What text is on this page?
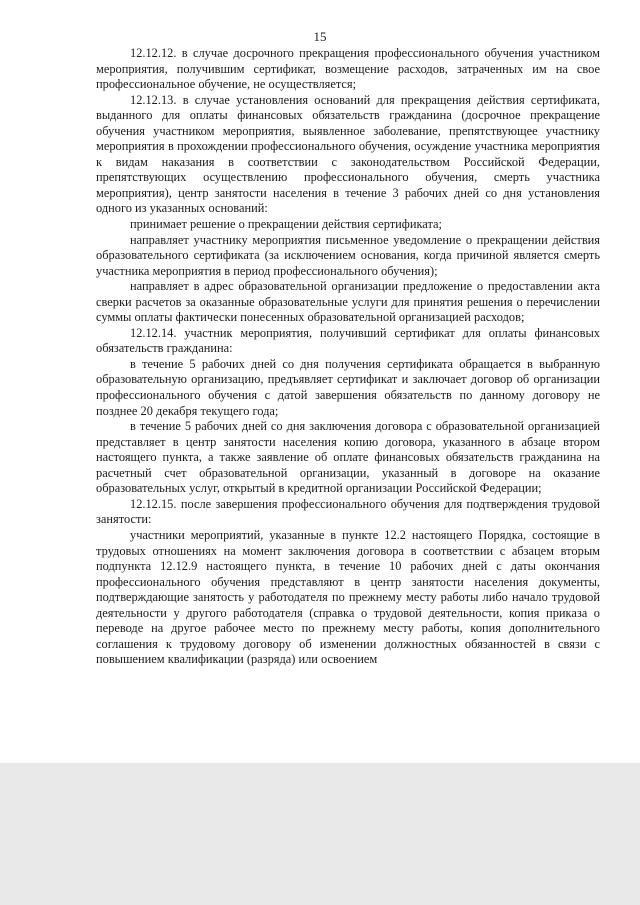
15

12.12.12. в случае досрочного прекращения профессионального обучения участником мероприятия, получившим сертификат, возмещение расходов, затраченных им на свое профессиональное обучение, не осуществляется;

12.12.13. в случае установления оснований для прекращения действия сертификата, выданного для оплаты финансовых обязательств гражданина (досрочное прекращение обучения участником мероприятия, выявленное заболевание, препятствующее участнику мероприятия в прохождении профессионального обучения, осуждение участника мероприятия к видам наказания в соответствии с законодательством Российской Федерации, препятствующих осуществлению профессионального обучения, смерть участника мероприятия), центр занятости населения в течение 3 рабочих дней со дня установления одного из указанных оснований:

принимает решение о прекращении действия сертификата;

направляет участнику мероприятия письменное уведомление о прекращении действия образовательного сертификата (за исключением основания, когда причиной является смерть участника мероприятия в период профессионального обучения);

направляет в адрес образовательной организации предложение о предоставлении акта сверки расчетов за оказанные образовательные услуги для принятия решения о перечислении суммы оплаты фактически понесенных образовательной организацией расходов;

12.12.14. участник мероприятия, получивший сертификат для оплаты финансовых обязательств гражданина:

в течение 5 рабочих дней со дня получения сертификата обращается в выбранную образовательную организацию, предъявляет сертификат и заключает договор об организации профессионального обучения с датой завершения обязательств по данному договору не позднее 20 декабря текущего года;

в течение 5 рабочих дней со дня заключения договора с образовательной организацией представляет в центр занятости населения копию договора, указанного в абзаце втором настоящего пункта, а также заявление об оплате финансовых обязательств гражданина на расчетный счет образовательной организации, указанный в договоре на оказание образовательных услуг, открытый в кредитной организации Российской Федерации;

12.12.15. после завершения профессионального обучения для подтверждения трудовой занятости:

участники мероприятий, указанные в пункте 12.2 настоящего Порядка, состоящие в трудовых отношениях на момент заключения договора в соответствии с абзацем вторым подпункта 12.12.9 настоящего пункта, в течение 10 рабочих дней с даты окончания профессионального обучения представляют в центр занятости населения документы, подтверждающие занятость у работодателя по прежнему месту работы либо начало трудовой деятельности у другого работодателя (справка о трудовой деятельности, копия приказа о переводе на другое рабочее место по прежнему месту работы, копия дополнительного соглашения к трудовому договору об изменении должностных обязанностей в связи с повышением квалификации (разряда) или освоением
